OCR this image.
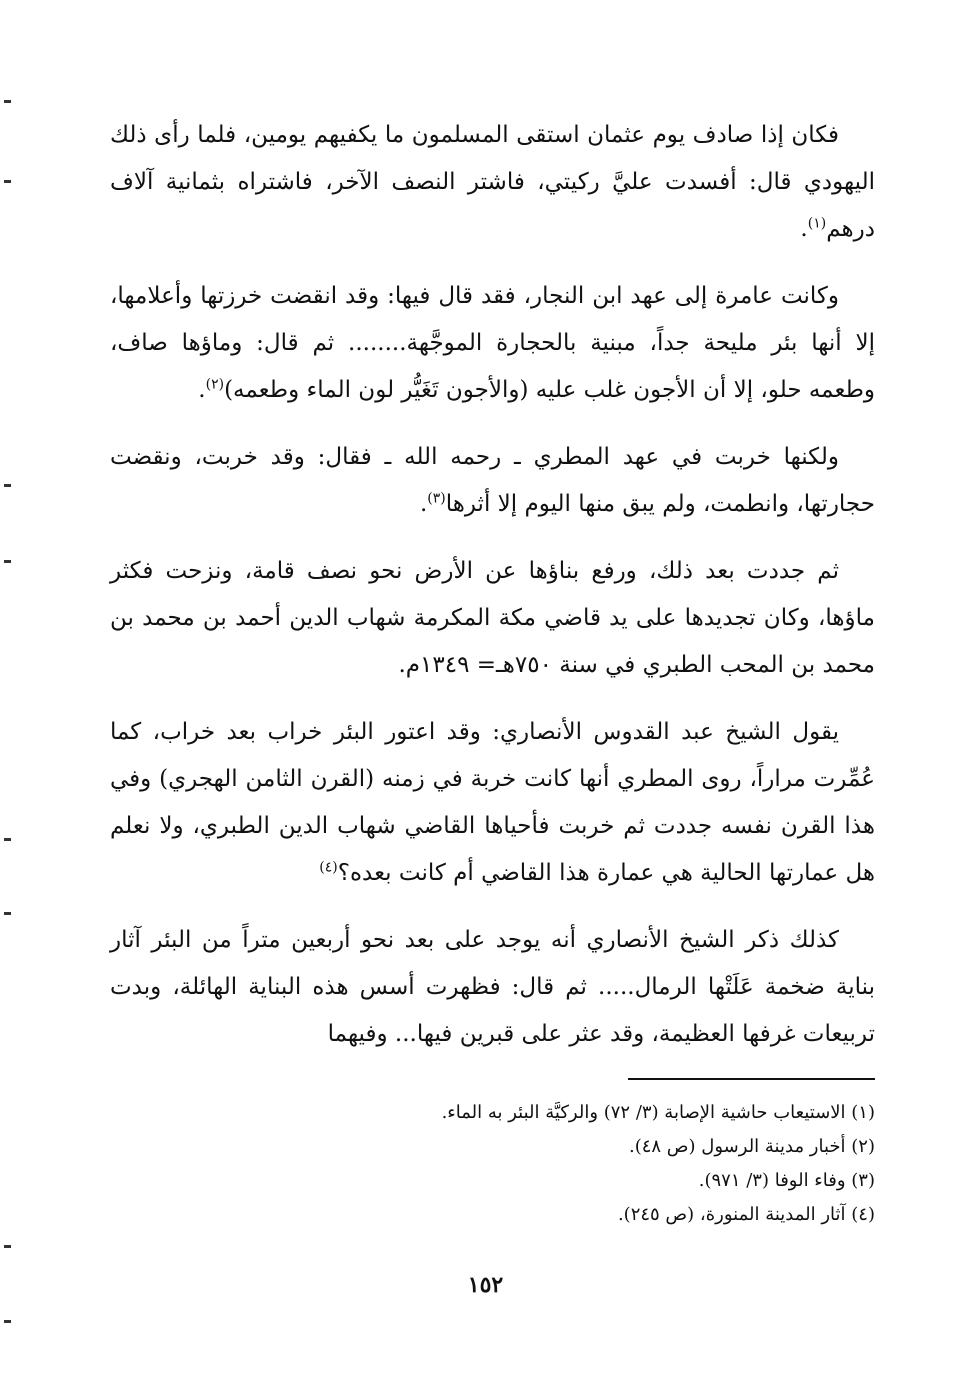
فكان إذا صادف يوم عثمان استقى المسلمون ما يكفيهم يومين، فلما رأى ذلك اليهودي قال: أفسدت عليَّ ركيتي، فاشتر النصف الآخر، فاشتراه بثمانية آلاف درهم$^{(١)}$.

وكانت عامرة إلى عهد ابن النجار، فقد قال فيها: وقد انقضت خرزتها وأعلامها، إلا أنها بئر مليحة جداً، مبنية بالحجارة الموجَّهة........ ثم قال: وماؤها صاف، وطعمه حلو، إلا أن الأجون غلب عليه (والأجون تَغَيُّر لون الماء وطعمه)$^{(٢)}$.

ولكنها خربت في عهد المطري ـ رحمه الله ـ فقال: وقد خربت، ونقضت حجارتها، وانطمت، ولم يبق منها اليوم إلا أثرها$^{(٣)}$.

ثم جددت بعد ذلك، ورفع بناؤها عن الأرض نحو نصف قامة، ونزحت فكثر ماؤها، وكان تجديدها على يد قاضي مكة المكرمة شهاب الدين أحمد بن محمد بن محمد بن المحب الطبري في سنة ٧٥٠هـ= ١٣٤٩م.

يقول الشيخ عبد القدوس الأنصاري: وقد اعتور البئر خراب بعد خراب، كما عُمِّرت مراراً، روى المطري أنها كانت خربة في زمنه (القرن الثامن الهجري) وفي هذا القرن نفسه جددت ثم خربت فأحياها القاضي شهاب الدين الطبري، ولا نعلم هل عمارتها الحالية هي عمارة هذا القاضي أم كانت بعده؟$^{(٤)}$

كذلك ذكر الشيخ الأنصاري أنه يوجد على بعد نحو أربعين متراً من البئر آثار بناية ضخمة عَلَتْها الرمال..... ثم قال: فظهرت أسس هذه البناية الهائلة، وبدت تربيعات غرفها العظيمة، وقد عثر على قبرين فيها... وفيهما

(١) الاستيعاب حاشية الإصابة (٣/ ٧٢) والركيَّة البئر به الماء.

(٢) أخبار مدينة الرسول (ص ٤٨).

(٣) وفاء الوفا (٣/ ٩٧١).

(٤) آثار المدينة المنورة، (ص ٢٤٥).

١٥٢
